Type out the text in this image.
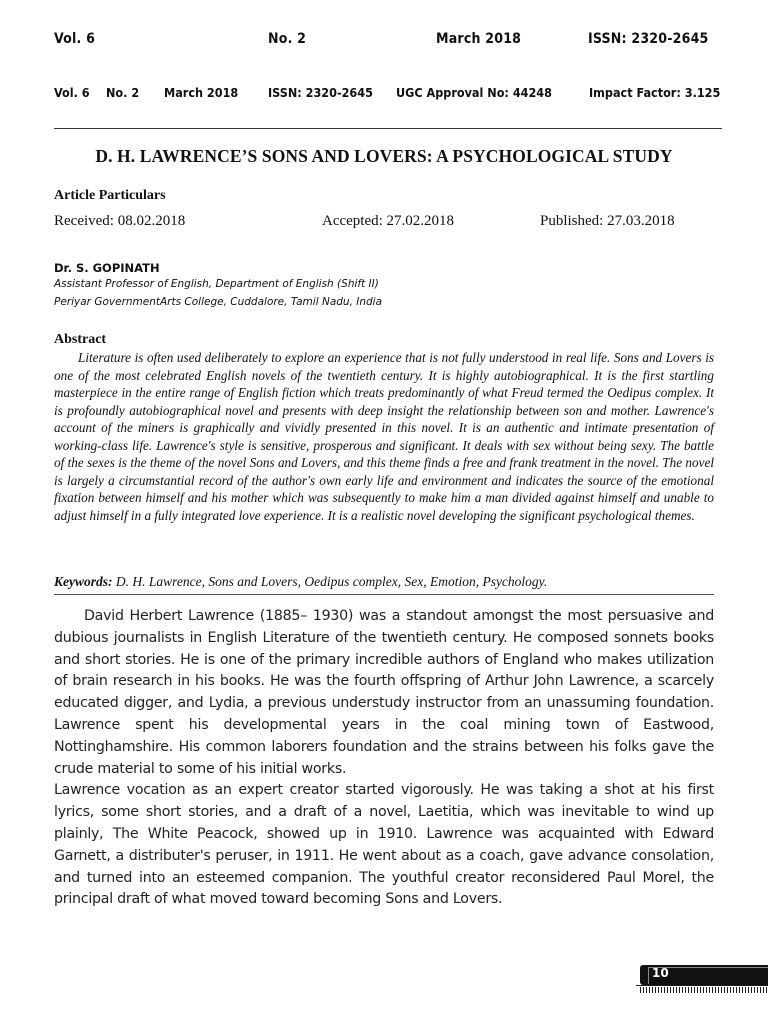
Vol. 6	No. 2	March 2018	ISSN: 2320-2645
Vol. 6 No. 2 March 2018 ISSN: 2320-2645 UGC Approval No: 44248	Impact Factor: 3.125
D. H. LAWRENCE’S SONS AND LOVERS: A PSYCHOLOGICAL STUDY
Article Particulars
Received: 08.02.2018	Accepted: 27.02.2018	Published: 27.03.2018
Dr. S. GOPINATH
Assistant Professor of English, Department of English (Shift II)
Periyar GovernmentArts College, Cuddalore, Tamil Nadu, India
Abstract

Literature is often used deliberately to explore an experience that is not fully understood in real life. Sons and Lovers is one of the most celebrated English novels of the twentieth century. It is highly autobiographical. It is the first startling masterpiece in the entire range of English fiction which treats predominantly of what Freud termed the Oedipus complex. It is profoundly autobiographical novel and presents with deep insight the relationship between son and mother. Lawrence's account of the miners is graphically and vividly presented in this novel. It is an authentic and intimate presentation of working-class life. Lawrence's style is sensitive, prosperous and significant. It deals with sex without being sexy. The battle of the sexes is the theme of the novel Sons and Lovers, and this theme finds a free and frank treatment in the novel. The novel is largely a circumstantial record of the author's own early life and environment and indicates the source of the emotional fixation between himself and his mother which was subsequently to make him a man divided against himself and unable to adjust himself in a fully integrated love experience. It is a realistic novel developing the significant psychological themes.

Keywords: D. H. Lawrence, Sons and Lovers, Oedipus complex, Sex, Emotion, Psychology.

David Herbert Lawrence (1885– 1930) was a standout amongst the most persuasive and dubious journalists in English Literature of the twentieth century. He composed sonnets books and short stories. He is one of the primary incredible authors of England who makes utilization of brain research in his books. He was the fourth offspring of Arthur John Lawrence, a scarcely educated digger, and Lydia, a previous understudy instructor from an unassuming foundation. Lawrence spent his developmental years in the coal mining town of Eastwood, Nottinghamshire. His common laborers foundation and the strains between his folks gave the crude material to some of his initial works.

Lawrence vocation as an expert creator started vigorously. He was taking a shot at his first lyrics, some short stories, and a draft of a novel, Laetitia, which was inevitable to wind up plainly, The White Peacock, showed up in 1910. Lawrence was acquainted with Edward Garnett, a distributer's peruser, in 1911. He went about as a coach, gave advance consolation, and turned into an esteemed companion. The youthful creator reconsidered Paul Morel, the principal draft of what moved toward becoming Sons and Lovers.

10
